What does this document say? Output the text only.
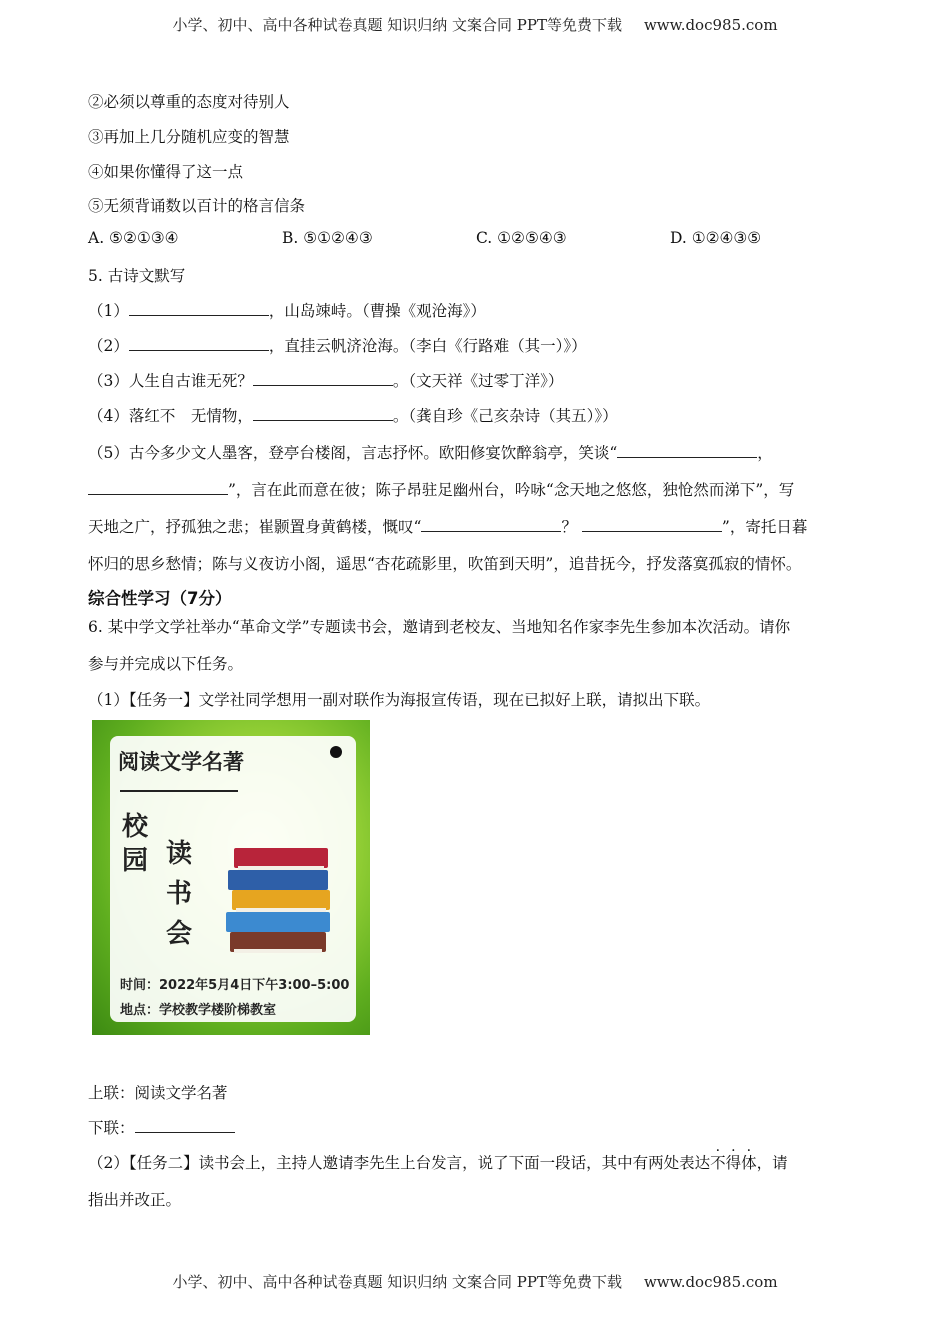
小学、初中、高中各种试卷真题 知识归纳 文案合同 PPT等免费下载 www.doc985.com
②必须以尊重的态度对待别人
③再加上几分随机应变的智慧
④如果你懂得了这一点
⑤无须背诵数以百计的格言信条
A. ⑤②①③④	B. ⑤①②④③	C. ①②⑤④③	D. ①②④③⑤
5. 古诗文默写
（1）	，山岛竦峙。（曹操《观沧海》）
（2）	，直挂云帆济沧海。（李白《行路难（其一）》）
（3）人生自古谁无死？	。（文天祥《过零丁洋》）
（4）落红不　无情物，	。（龚自珍《己亥杂诗（其五）》）
（5）古今多少文人墨客，登亭台楼阁，言志抒怀。欧阳修宴饮醉翁亭，笑谈“	，
”，言在此而意在彼；陈子昂驻足幽州台，吟咏“念天地之悠悠，独怆然而涕下”，写
天地之广，抒孤独之悲；崔颢置身黄鹤楼，慨叹“	？	”，寄托日暮
怀归的思乡愁情；陈与义夜访小阁，遥思“杏花疏影里，吹笛到天明”，追昔抚今，抒发落寞孤寂的情怀。
综合性学习（7分）
6. 某中学文学社举办“革命文学”专题读书会，邀请到老校友、当地知名作家李先生参加本次活动。请你
参与并完成以下任务。
（1）【任务一】文学社同学想用一副对联作为海报宣传语，现在已拟好上联，请拟出下联。
阅读文学名著
校
园 读
书
会
时间：2022年5月4日下午3:00–5:00
地点：学校教学楼阶梯教室
上联：阅读文学名著
下联：
（2）【任务二】读书会上，主持人邀请李先生上台发言，说了下面一段话，其中有两处表达不得体，请
指出并改正。
小学、初中、高中各种试卷真题 知识归纳 文案合同 PPT等免费下载 www.doc985.com
